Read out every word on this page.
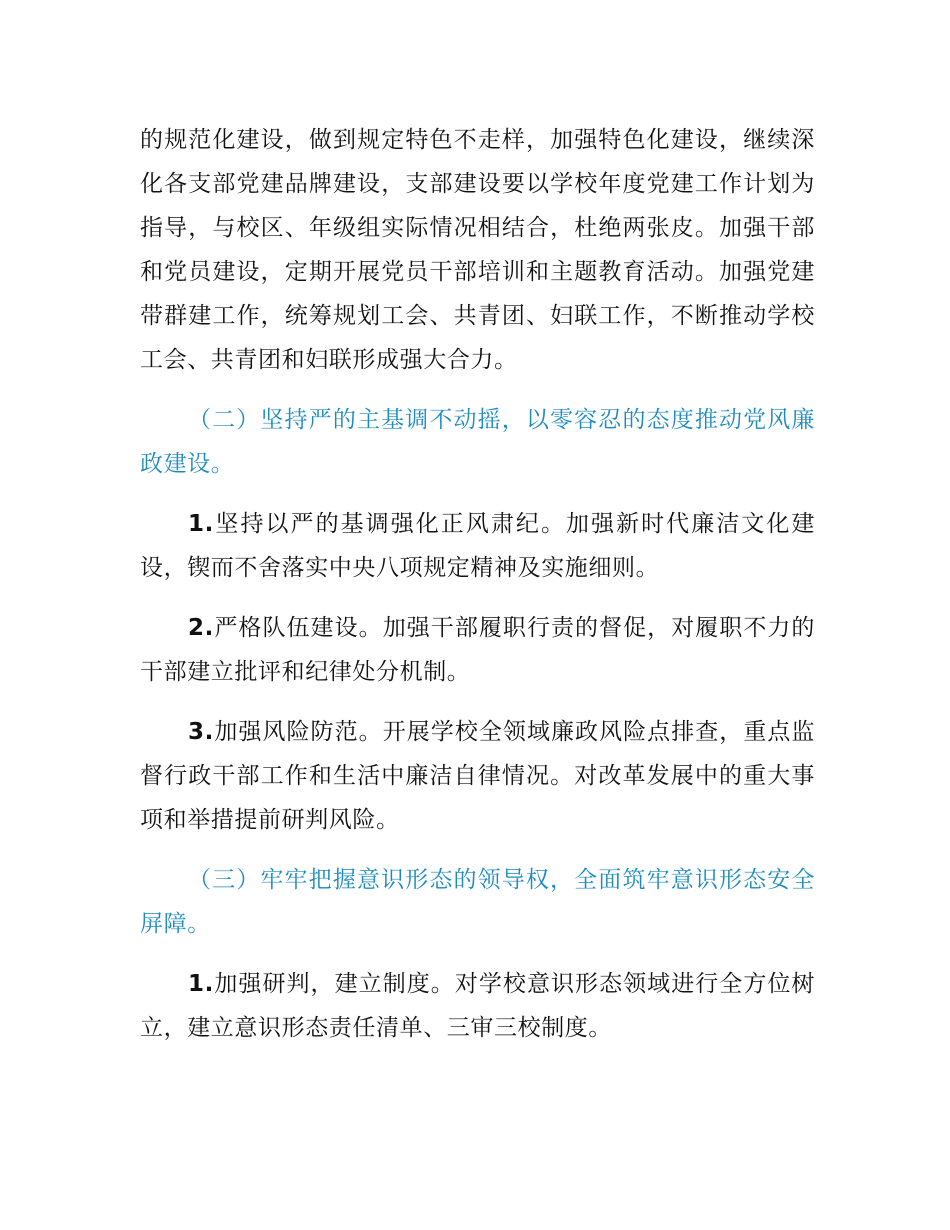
的规范化建设，做到规定特色不走样，加强特色化建设，继续深化各支部党建品牌建设，支部建设要以学校年度党建工作计划为指导，与校区、年级组实际情况相结合，杜绝两张皮。加强干部和党员建设，定期开展党员干部培训和主题教育活动。加强党建带群建工作，统筹规划工会、共青团、妇联工作，不断推动学校工会、共青团和妇联形成强大合力。

（二）坚持严的主基调不动摇，以零容忍的态度推动党风廉政建设。

1.坚持以严的基调强化正风肃纪。加强新时代廉洁文化建设，锲而不舍落实中央八项规定精神及实施细则。

2.严格队伍建设。加强干部履职行责的督促，对履职不力的干部建立批评和纪律处分机制。

3.加强风险防范。开展学校全领域廉政风险点排查，重点监督行政干部工作和生活中廉洁自律情况。对改革发展中的重大事项和举措提前研判风险。

（三）牢牢把握意识形态的领导权，全面筑牢意识形态安全屏障。

1.加强研判，建立制度。对学校意识形态领域进行全方位树立，建立意识形态责任清单、三审三校制度。
